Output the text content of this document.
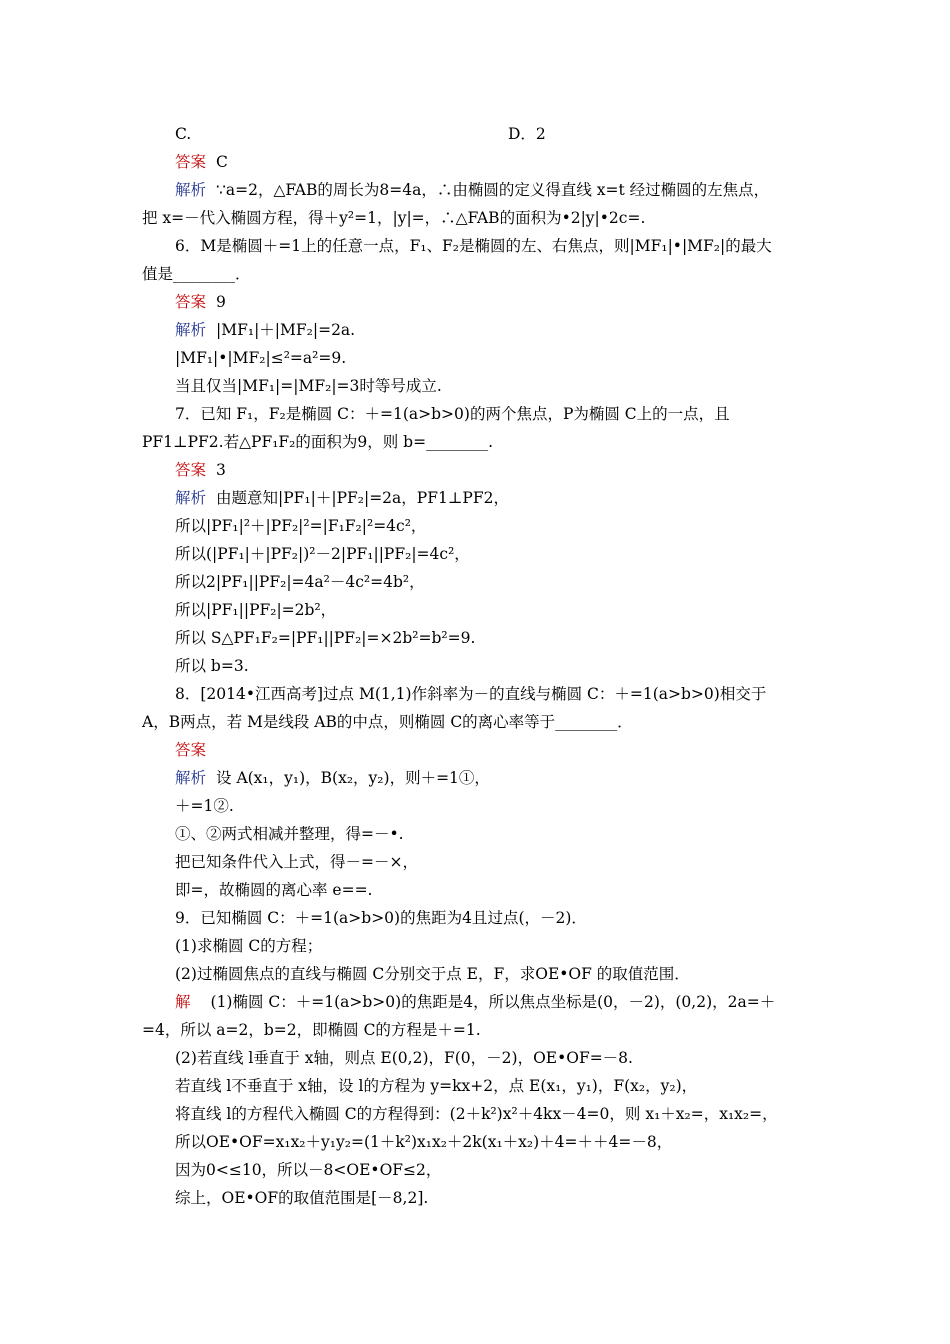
C.	D．2
答案 C
解析 ∵a=2，△FAB的周长为8=4a，∴由椭圆的定义得直线 x=t 经过椭圆的左焦点，
把 x=－代入椭圆方程，得＋y²=1，|y|=，∴△FAB的面积为•2|y|•2c=.
6．M是椭圆＋=1上的任意一点，F₁、F₂是椭圆的左、右焦点，则|MF₁|•|MF₂|的最大
值是________．
答案 9
解析 |MF₁|＋|MF₂|=2a.
|MF₁|•|MF₂|≤²=a²=9.
当且仅当|MF₁|=|MF₂|=3时等号成立.
7．已知 F₁，F₂是椭圆 C：＋=1(a>b>0)的两个焦点，P为椭圆 C上的一点，且
PF1⊥PF2.若△PF₁F₂的面积为9，则 b=________.
答案 3
解析 由题意知|PF₁|＋|PF₂|=2a，PF1⊥PF2，
所以|PF₁|²＋|PF₂|²=|F₁F₂|²=4c²，
所以(|PF₁|＋|PF₂|)²－2|PF₁||PF₂|=4c²，
所以2|PF₁||PF₂|=4a²－4c²=4b²，
所以|PF₁||PF₂|=2b²，
所以 S△PF₁F₂=|PF₁||PF₂|=×2b²=b²=9.
所以 b=3.
8．[2014•江西高考]过点 M(1,1)作斜率为－的直线与椭圆 C：＋=1(a>b>0)相交于
A，B两点，若 M是线段 AB的中点，则椭圆 C的离心率等于________．
答案
解析 设 A(x₁，y₁)，B(x₂，y₂)，则＋=1①，
＋=1②.
①、②两式相减并整理，得=－•.
把已知条件代入上式，得－=－×，
即=，故椭圆的离心率 e==.
9．已知椭圆 C：＋=1(a>b>0)的焦距为4且过点(，－2)．
(1)求椭圆 C的方程；
(2)过椭圆焦点的直线与椭圆 C分别交于点 E，F，求OE•OF 的取值范围．
解 (1)椭圆 C：＋=1(a>b>0)的焦距是4，所以焦点坐标是(0，－2)，(0,2)，2a=＋
=4，所以 a=2，b=2，即椭圆 C的方程是＋=1.
(2)若直线 l垂直于 x轴，则点 E(0,2)，F(0，－2)，OE•OF=－8.
若直线 l不垂直于 x轴，设 l的方程为 y=kx+2，点 E(x₁，y₁)，F(x₂，y₂)，
将直线 l的方程代入椭圆 C的方程得到：(2＋k²)x²＋4kx－4=0，则 x₁＋x₂=，x₁x₂=，
所以OE•OF=x₁x₂＋y₁y₂=(1＋k²)x₁x₂＋2k(x₁＋x₂)＋4=＋＋4=－8，
因为0<≤10，所以－8<OE•OF≤2，
综上，OE•OF的取值范围是[－8,2].
